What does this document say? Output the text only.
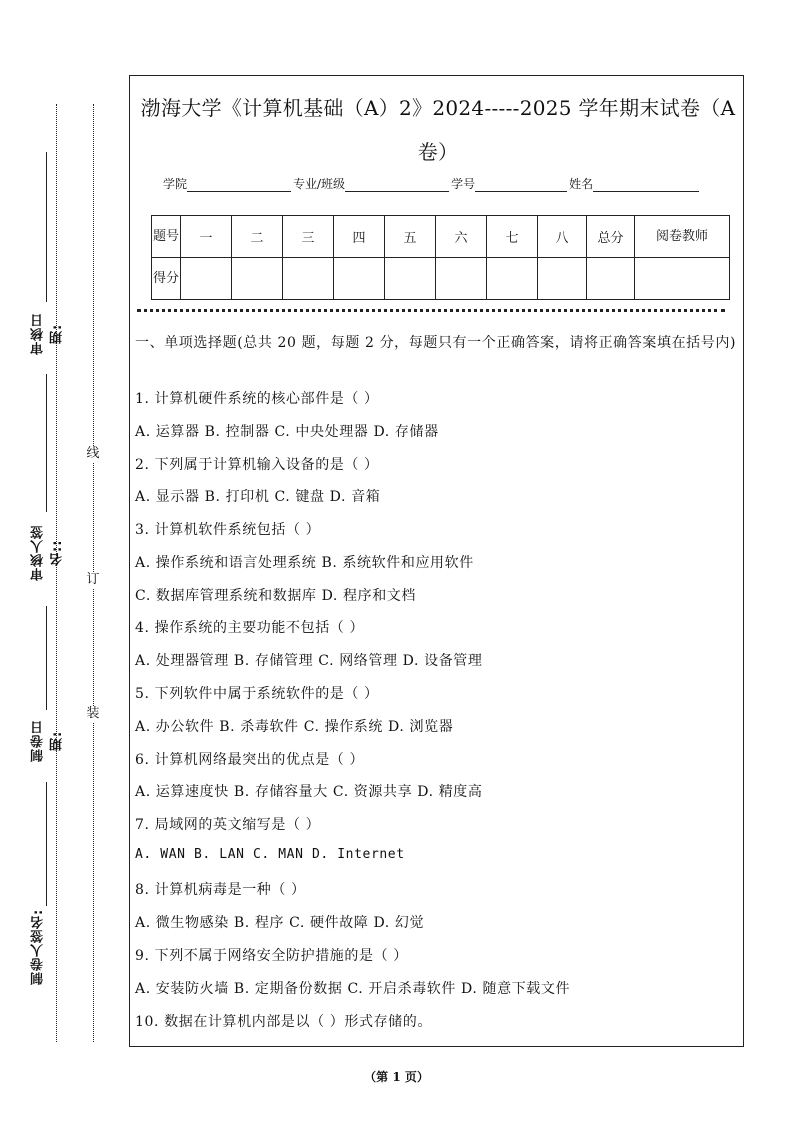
审核日期:
审核人签名::
制卷日期:
制卷人签名:
线
订
装
渤海大学《计算机基础（A）2》2024-----2025 学年期末试卷（A
卷）
学院	专业/班级	学号	姓名
题号	一	二	三	四	五	六	七	八	总分	阅卷教师
得分										
一、单项选择题(总共 20 题，每题 2 分，每题只有一个正确答案，请将正确答案填在括号内)
1. 计算机硬件系统的核心部件是（ ）
A. 运算器 B. 控制器 C. 中央处理器 D. 存储器
2. 下列属于计算机输入设备的是（ ）
A. 显示器 B. 打印机 C. 键盘 D. 音箱
3. 计算机软件系统包括（ ）
A. 操作系统和语言处理系统 B. 系统软件和应用软件
C. 数据库管理系统和数据库 D. 程序和文档
4. 操作系统的主要功能不包括（ ）
A. 处理器管理 B. 存储管理 C. 网络管理 D. 设备管理
5. 下列软件中属于系统软件的是（ ）
A. 办公软件 B. 杀毒软件 C. 操作系统 D. 浏览器
6. 计算机网络最突出的优点是（ ）
A. 运算速度快 B. 存储容量大 C. 资源共享 D. 精度高
7. 局域网的英文缩写是（ ）
A. WAN B. LAN C. MAN D. Internet
8. 计算机病毒是一种（ ）
A. 微生物感染 B. 程序 C. 硬件故障 D. 幻觉
9. 下列不属于网络安全防护措施的是（ ）
A. 安装防火墙 B. 定期备份数据 C. 开启杀毒软件 D. 随意下载文件
10. 数据在计算机内部是以（ ）形式存储的。
（第 1 页）
